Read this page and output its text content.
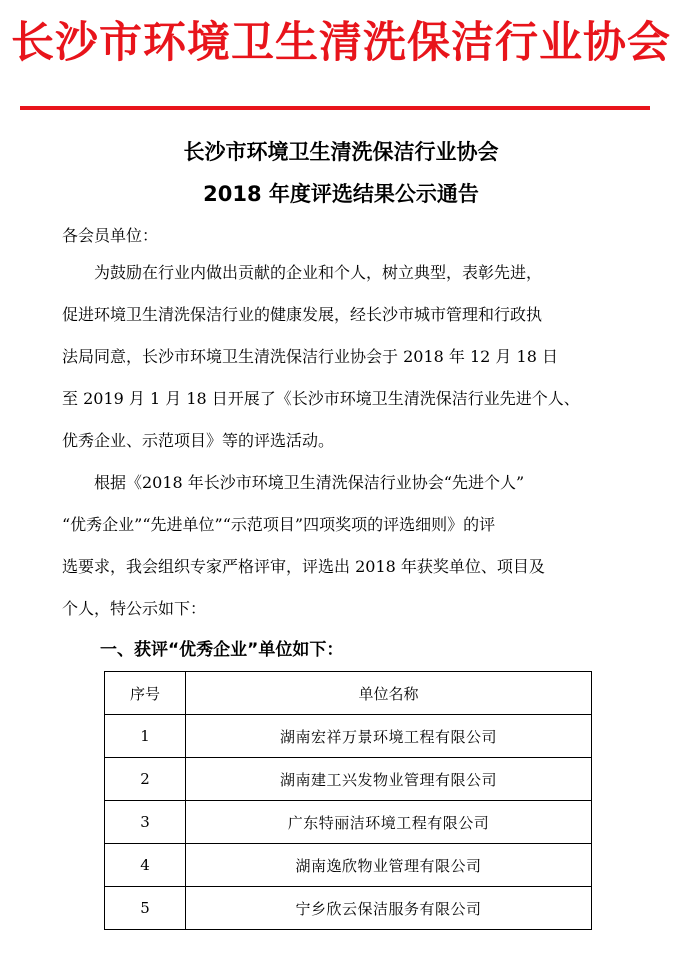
长沙市环境卫生清洗保洁行业协会
长沙市环境卫生清洗保洁行业协会
2018 年度评选结果公示通告
各会员单位：
为鼓励在行业内做出贡献的企业和个人，树立典型，表彰先进，
促进环境卫生清洗保洁行业的健康发展，经长沙市城市管理和行政执
法局同意，长沙市环境卫生清洗保洁行业协会于 2018 年 12 月 18 日
至 2019 月 1 月 18 日开展了《长沙市环境卫生清洗保洁行业先进个人、
优秀企业、示范项目》等的评选活动。
根据《2018 年长沙市环境卫生清洗保洁行业协会“先进个人”
“优秀企业”“先进单位”“示范项目”四项奖项的评选细则》的评
选要求，我会组织专家严格评审，评选出 2018 年获奖单位、项目及
个人，特公示如下：
一、获评“优秀企业”单位如下：
序号	单位名称
1	湖南宏祥万景环境工程有限公司
2	湖南建工兴发物业管理有限公司
3	广东特丽洁环境工程有限公司
4	湖南逸欣物业管理有限公司
5	宁乡欣云保洁服务有限公司
